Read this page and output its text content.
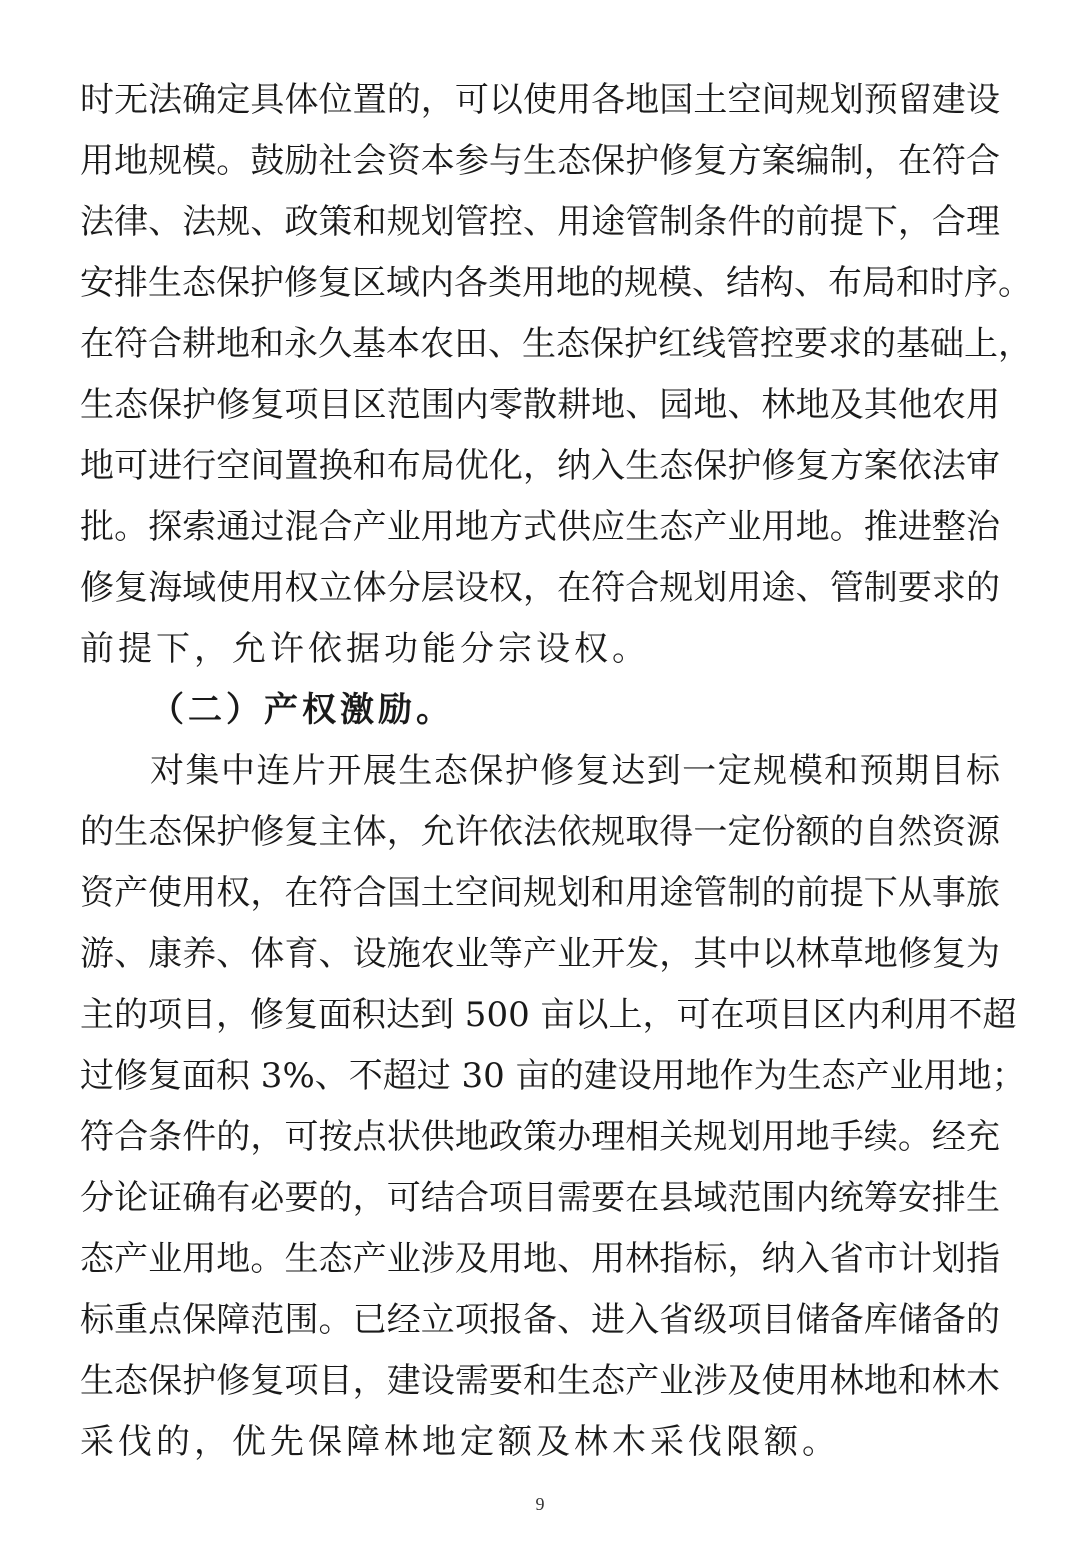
时无法确定具体位置的，可以使用各地国土空间规划预留建设
用地规模。鼓励社会资本参与生态保护修复方案编制，在符合
法律、法规、政策和规划管控、用途管制条件的前提下，合理
安排生态保护修复区域内各类用地的规模、结构、布局和时序。
在符合耕地和永久基本农田、生态保护红线管控要求的基础上，
生态保护修复项目区范围内零散耕地、园地、林地及其他农用
地可进行空间置换和布局优化，纳入生态保护修复方案依法审
批。探索通过混合产业用地方式供应生态产业用地。推进整治
修复海域使用权立体分层设权，在符合规划用途、管制要求的
前提下，允许依据功能分宗设权。
（二）产权激励。
对集中连片开展生态保护修复达到一定规模和预期目标
的生态保护修复主体，允许依法依规取得一定份额的自然资源
资产使用权，在符合国土空间规划和用途管制的前提下从事旅
游、康养、体育、设施农业等产业开发，其中以林草地修复为
主的项目，修复面积达到 500 亩以上，可在项目区内利用不超
过修复面积 3%、不超过 30 亩的建设用地作为生态产业用地；
符合条件的，可按点状供地政策办理相关规划用地手续。经充
分论证确有必要的，可结合项目需要在县域范围内统筹安排生
态产业用地。生态产业涉及用地、用林指标，纳入省市计划指
标重点保障范围。已经立项报备、进入省级项目储备库储备的
生态保护修复项目，建设需要和生态产业涉及使用林地和林木
采伐的，优先保障林地定额及林木采伐限额。
9
